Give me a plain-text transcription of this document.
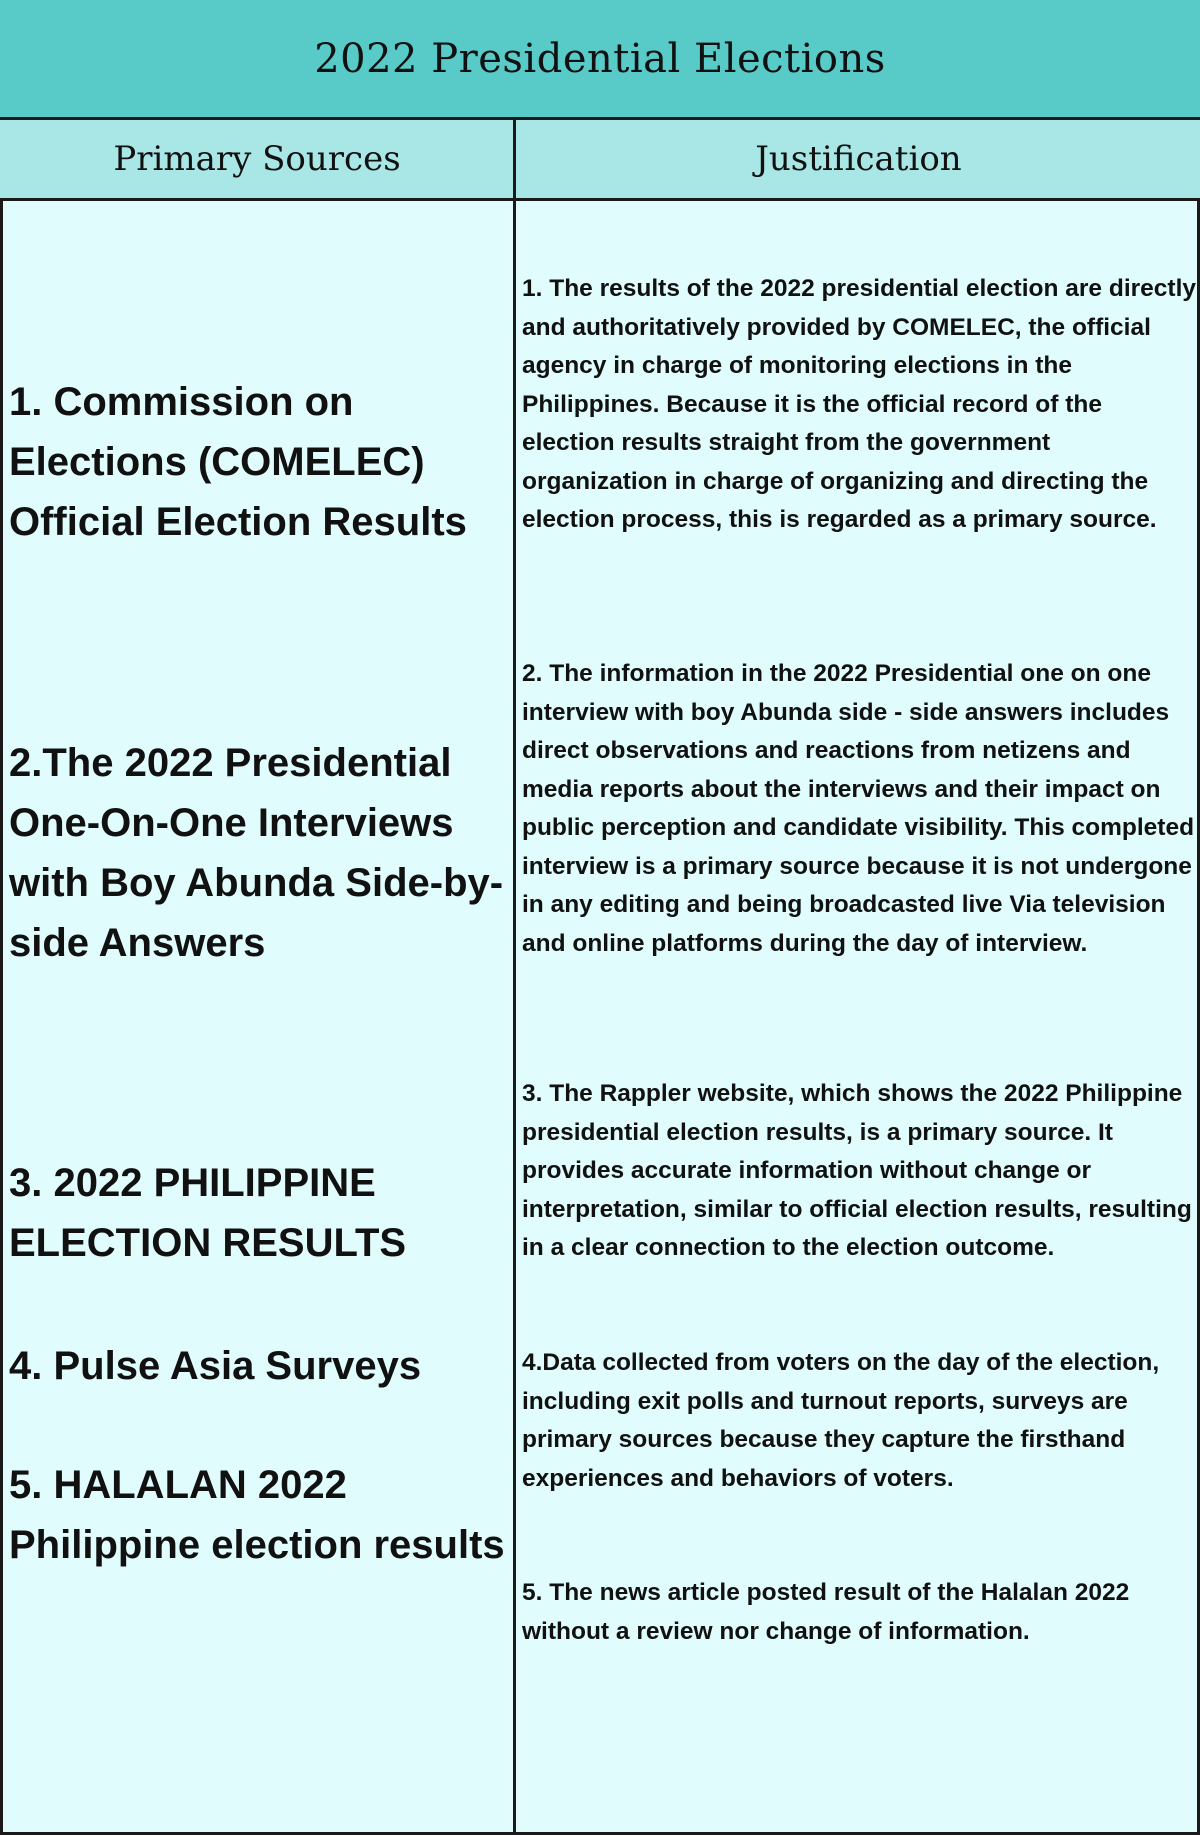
2022 Presidential Elections
Primary Sources	Justification

1. Commission on Elections (COMELEC) Official Election Results

2.The 2022 Presidential One-On-One Interviews with Boy Abunda Side-by-side Answers

3. 2022 PHILIPPINE ELECTION RESULTS

4. Pulse Asia Surveys

5. HALALAN 2022 Philippine election results

1. The results of the 2022 presidential election are directly and authoritatively provided by COMELEC, the official agency in charge of monitoring elections in the Philippines. Because it is the official record of the election results straight from the government organization in charge of organizing and directing the election process, this is regarded as a primary source.

2. The information in the 2022 Presidential one on one interview with boy Abunda side - side answers includes direct observations and reactions from netizens and media reports about the interviews and their impact on public perception and candidate visibility. This completed interview is a primary source because it is not undergone in any editing and being broadcasted live Via television and online platforms during the day of interview.

3. The Rappler website, which shows the 2022 Philippine presidential election results, is a primary source. It provides accurate information without change or interpretation, similar to official election results, resulting in a clear connection to the election outcome.

4.Data collected from voters on the day of the election, including exit polls and turnout reports, surveys are primary sources because they capture the firsthand experiences and behaviors of voters.

5. The news article posted result of the Halalan 2022 without a review nor change of information.
